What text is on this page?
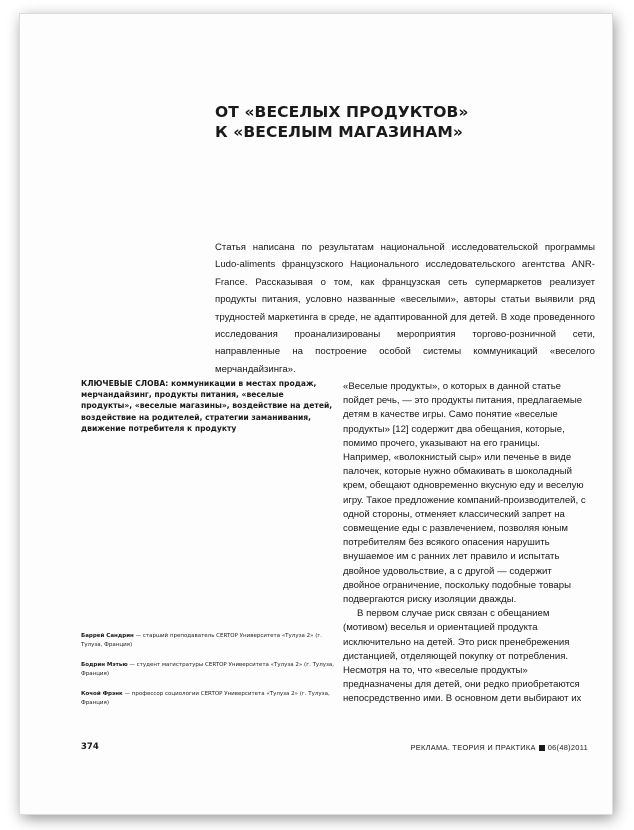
ОТ «ВЕСЕЛЫХ ПРОДУКТОВ»
К «ВЕСЕЛЫМ МАГАЗИНАМ»

Статья написана по результатам национальной исследовательской программы Ludo-aliments французского Национального исследовательского агентства ANR-France. Рассказывая о том, как французская сеть супермаркетов реализует продукты питания, условно названные «веселыми», авторы статьи выявили ряд трудностей маркетинга в среде, не адаптированной для детей. В ходе проведенного исследования проанализированы мероприятия торгово-розничной сети, направленные на построение особой системы коммуникаций «веселого мерчандайзинга».

КЛЮЧЕВЫЕ СЛОВА: коммуникации в местах продаж, мерчандайзинг, продукты питания, «веселые продукты», «веселые магазины», воздействие на детей, воздействие на родителей, стратегии заманивания, движение потребителя к продукту

Баррей Сандрин — старший преподаватель CERTOP Университета «Тулуза 2» (г. Тулуза, Франция)

Бодрин Мэтью — студент магистратуры CERTOP Университета «Тулуза 2» (г. Тулуза, Франция)

Кочой Фрэнк — профессор социологии CERTOP Университета «Тулуза 2» (г. Тулуза, Франция)

«Веселые продукты», о которых в данной статье пойдет речь, — это продукты питания, предлагаемые детям в качестве игры. Само понятие «веселые продукты» [12] содержит два обещания, которые, помимо прочего, указывают на его границы. Например, «волокнистый сыр» или печенье в виде палочек, которые нужно обмакивать в шоколадный крем, обещают одновременно вкусную еду и веселую игру. Такое предложение компаний-производителей, с одной стороны, отменяет классический запрет на совмещение еды с развлечением, позволяя юным потребителям без всякого опасения нарушить внушаемое им с ранних лет правило и испытать двойное удовольствие, а с другой — содержит двойное ограничение, поскольку подобные товары подвергаются риску изоляции дважды.

В первом случае риск связан с обещанием (мотивом) веселья и ориентацией продукта исключительно на детей. Это риск пренебрежения дистанцией, отделяющей покупку от потребления. Несмотря на то, что «веселые продукты» предназначены для детей, они редко приобретаются непосредственно ими. В основном дети выбирают их

374	РЕКЛАМА. ТЕОРИЯ И ПРАКТИКА 06(48)2011
